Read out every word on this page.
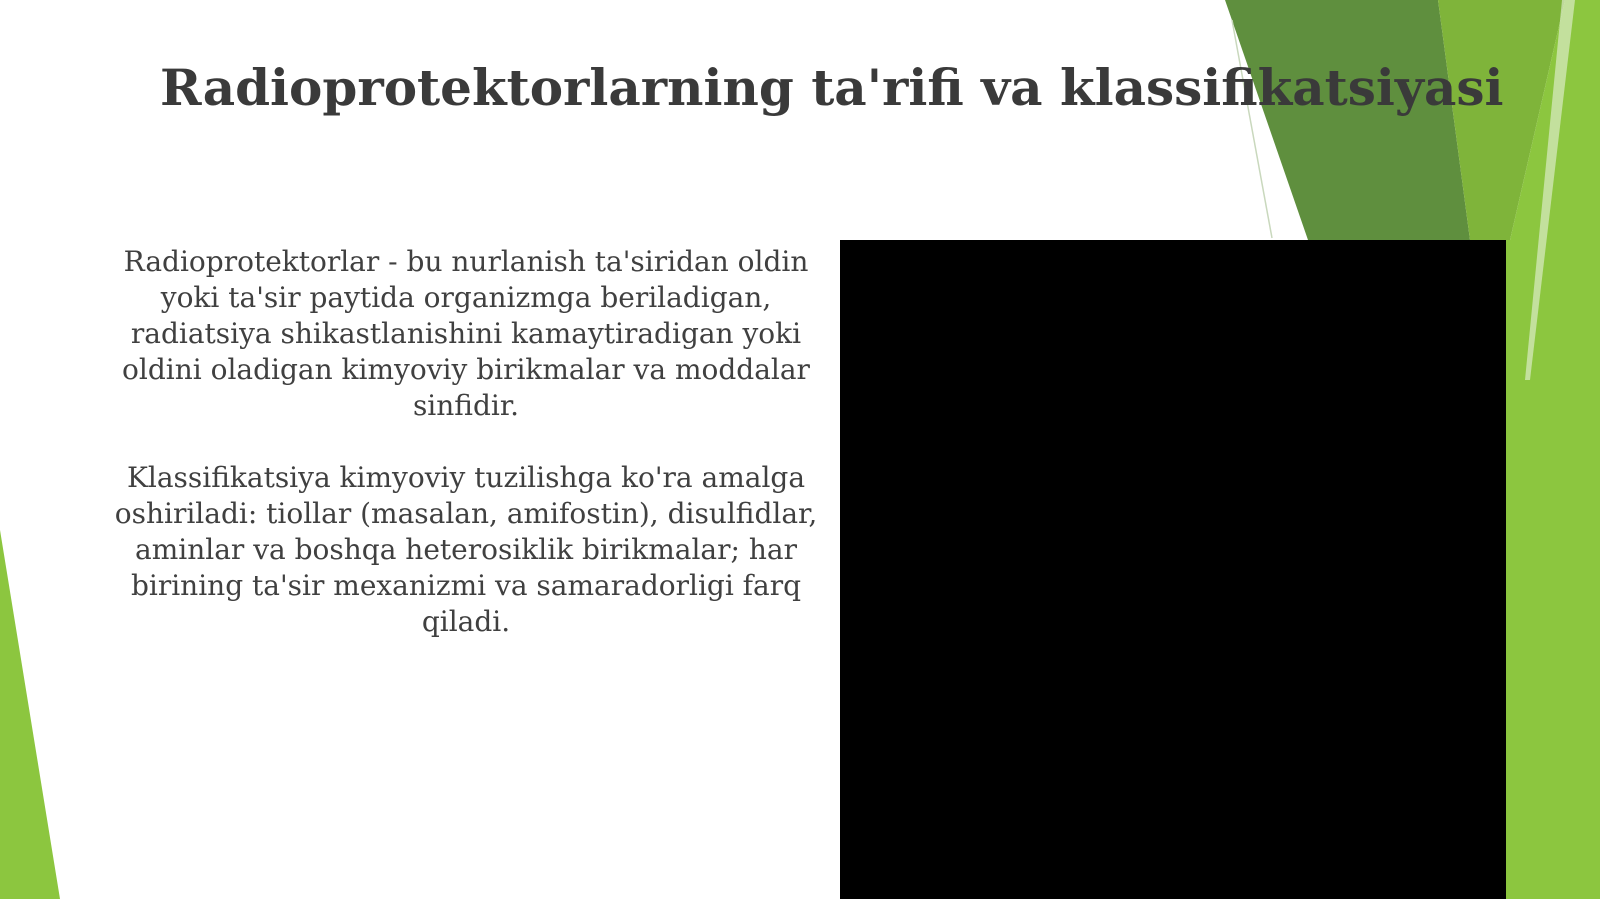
Radioprotektorlarning ta'rifi va klassifikatsiyasi

Radioprotektorlar - bu nurlanish ta'siridan oldin yoki ta'sir paytida organizmga beriladigan, radiatsiya shikastlanishini kamaytiradigan yoki oldini oladigan kimyoviy birikmalar va moddalar sinfidir.

Klassifikatsiya kimyoviy tuzilishga ko'ra amalga oshiriladi: tiollar (masalan, amifostin), disulfidlar, aminlar va boshqa heterosiklik birikmalar; har birining ta'sir mexanizmi va samaradorligi farq qiladi.
